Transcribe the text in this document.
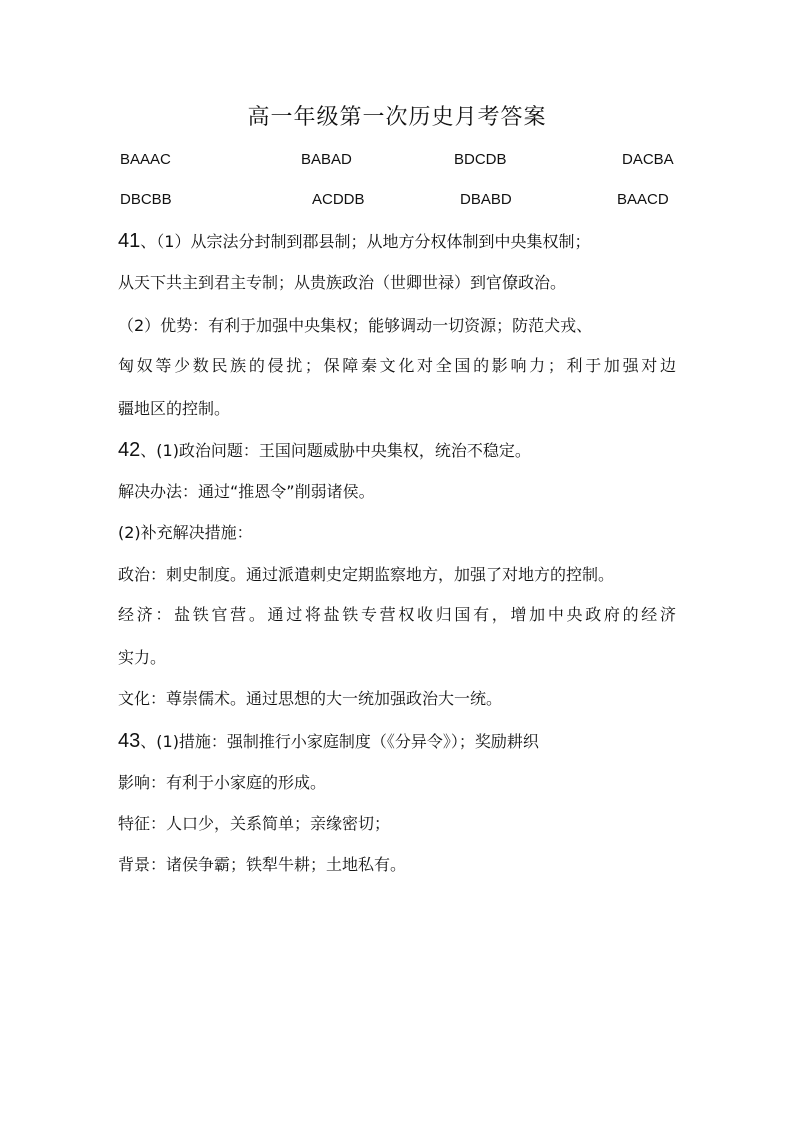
高一年级第一次历史月考答案
BAAAC	BABAD	BDCDB	DACBA
DBCBB	ACDDB	DBABD	BAACD
41、（1）从宗法分封制到郡县制；从地方分权体制到中央集权制；
从天下共主到君主专制；从贵族政治（世卿世禄）到官僚政治。
（2）优势：有利于加强中央集权；能够调动一切资源；防范犬戎、
匈奴等少数民族的侵扰；保障秦文化对全国的影响力；利于加强对边
疆地区的控制。
42、(1)政治问题：王国问题威胁中央集权，统治不稳定。
解决办法：通过“推恩令”削弱诸侯。
(2)补充解决措施：
政治：刺史制度。通过派遣刺史定期监察地方，加强了对地方的控制。
经济：盐铁官营。通过将盐铁专营权收归国有，增加中央政府的经济
实力。
文化：尊崇儒术。通过思想的大一统加强政治大一统。
43、(1)措施：强制推行小家庭制度（《分异令》）；奖励耕织
影响：有利于小家庭的形成。
特征：人口少，关系简单；亲缘密切；
背景：诸侯争霸；铁犁牛耕；土地私有。
